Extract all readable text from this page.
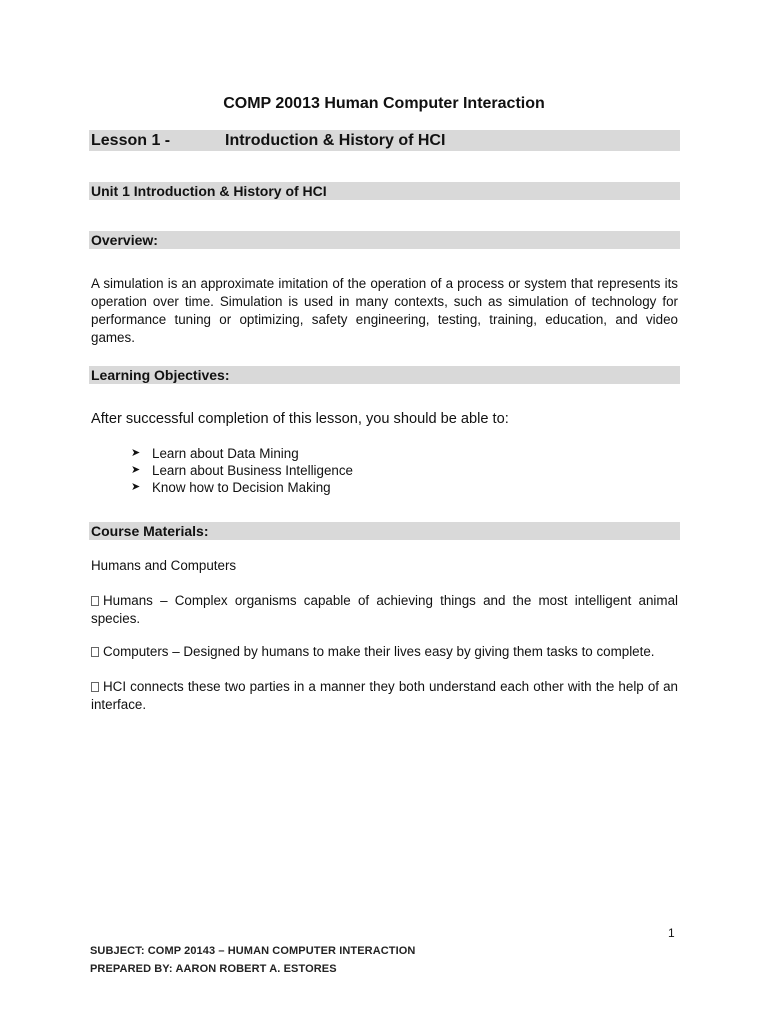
COMP 20013 Human Computer Interaction
Lesson 1 -	Introduction & History of HCI
Unit 1 Introduction & History of HCI
Overview:
A simulation is an approximate imitation of the operation of a process or system that represents its operation over time. Simulation is used in many contexts, such as simulation of technology for performance tuning or optimizing, safety engineering, testing, training, education, and video games.
Learning Objectives:
After successful completion of this lesson, you should be able to:
➤ Learn about Data Mining
➤ Learn about Business Intelligence
➤ Know how to Decision Making
Course Materials:
Humans and Computers
Humans – Complex organisms capable of achieving things and the most intelligent animal species.
Computers – Designed by humans to make their lives easy by giving them tasks to complete.
HCI connects these two parties in a manner they both understand each other with the help of an interface.
1
SUBJECT: COMP 20143 – HUMAN COMPUTER INTERACTION
PREPARED BY: AARON ROBERT A. ESTORES
